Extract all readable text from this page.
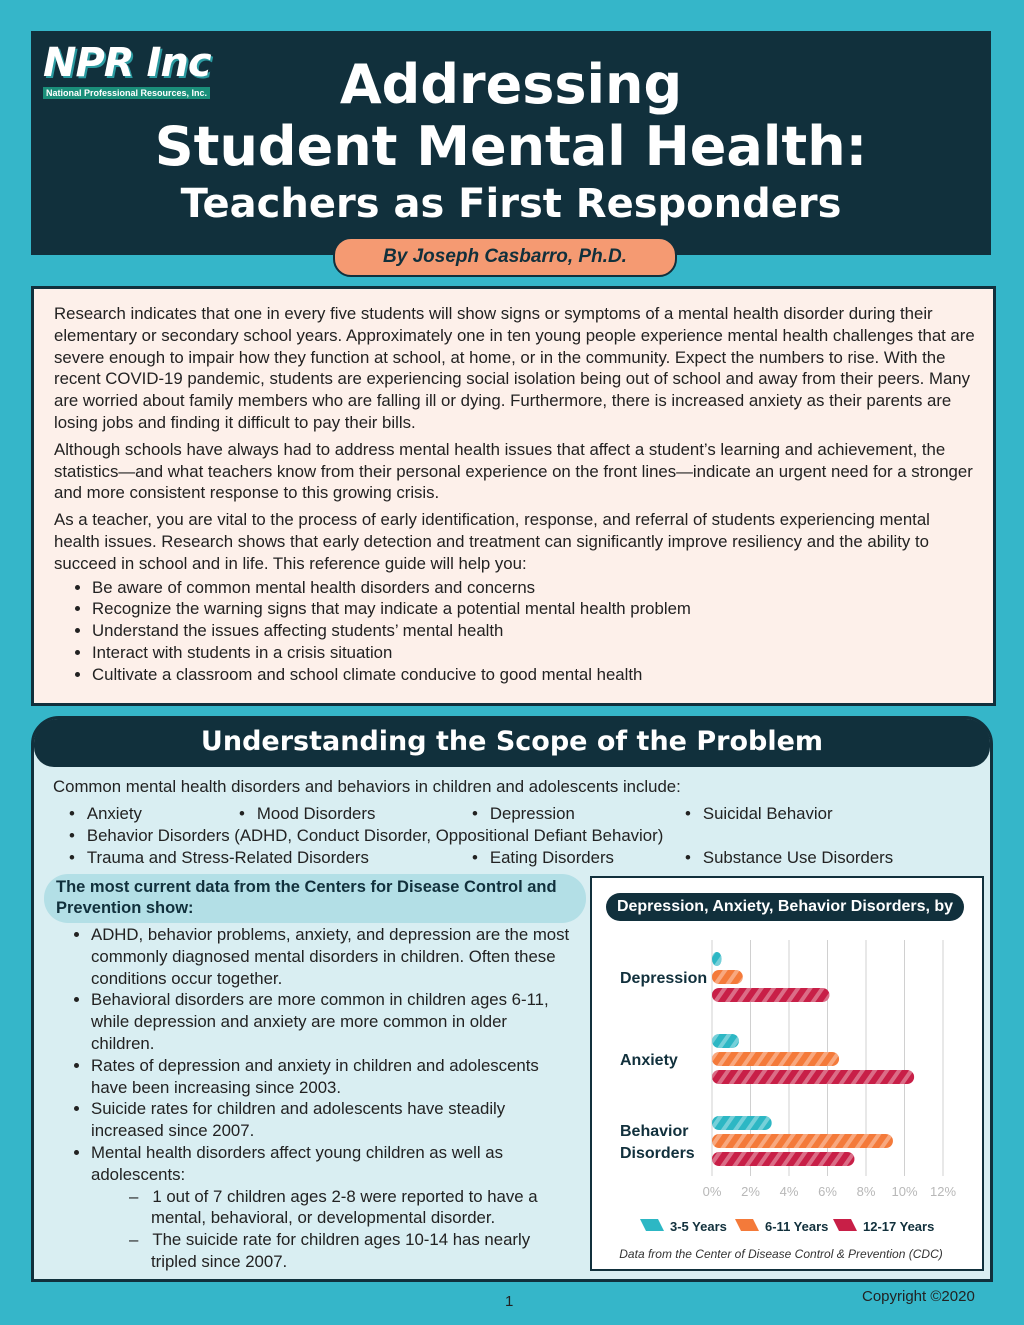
NPR Inc
National Professional Resources, Inc.	Addressing
Student Mental Health:
Teachers as First Responders
By Joseph Casbarro, Ph.D.

Research indicates that one in every five students will show signs or symptoms of a mental health disorder during their elementary or secondary school years. Approximately one in ten young people experience mental health challenges that are severe enough to impair how they function at school, at home, or in the community. Expect the numbers to rise. With the recent COVID-19 pandemic, students are experiencing social isolation being out of school and away from their peers. Many are worried about family members who are falling ill or dying. Furthermore, there is increased anxiety as their parents are losing jobs and finding it difficult to pay their bills.

Although schools have always had to address mental health issues that affect a student’s learning and achievement, the statistics—and what teachers know from their personal experience on the front lines—indicate an urgent need for a stronger and more consistent response to this growing crisis.

As a teacher, you are vital to the process of early identification, response, and referral of students experiencing mental health issues. Research shows that early detection and treatment can significantly improve resiliency and the ability to succeed in school and in life. This reference guide will help you:

• Be aware of common mental health disorders and concerns
• Recognize the warning signs that may indicate a potential mental health problem
• Understand the issues affecting students’ mental health
• Interact with students in a crisis situation
• Cultivate a classroom and school climate conducive to good mental health
Understanding the Scope of the Problem
Common mental health disorders and behaviors in children and adolescents include:
• Anxiety	• Mood Disorders	• Depression	• Suicidal Behavior
• Behavior Disorders (ADHD, Conduct Disorder, Oppositional Defiant Behavior)
• Trauma and Stress-Related Disorders	• Eating Disorders	• Substance Use Disorders
The most current data from the Centers for Disease Control and Prevention show:
• ADHD, behavior problems, anxiety, and depression are the most commonly diagnosed mental disorders in children. Often these conditions occur together.
• Behavioral disorders are more common in children ages 6-11, while depression and anxiety are more common in older children.
• Rates of depression and anxiety in children and adolescents have been increasing since 2003.
• Suicide rates for children and adolescents have steadily increased since 2007.
• Mental health disorders affect young children as well as adolescents:
–   1 out of 7 children ages 2-8 were reported to have a mental, behavioral, or developmental disorder.
–   The suicide rate for children ages 10-14 has nearly tripled since 2007.
Depression, Anxiety, Behavior Disorders, by Age
0% 2% 4% 6% 8% 10% 12%
Depression
Anxiety
Behavior
Disorders
3-5 Years	6-11 Years	12-17 Years
Data from the Center of Disease Control & Prevention (CDC)
1	Copyright ©2020
